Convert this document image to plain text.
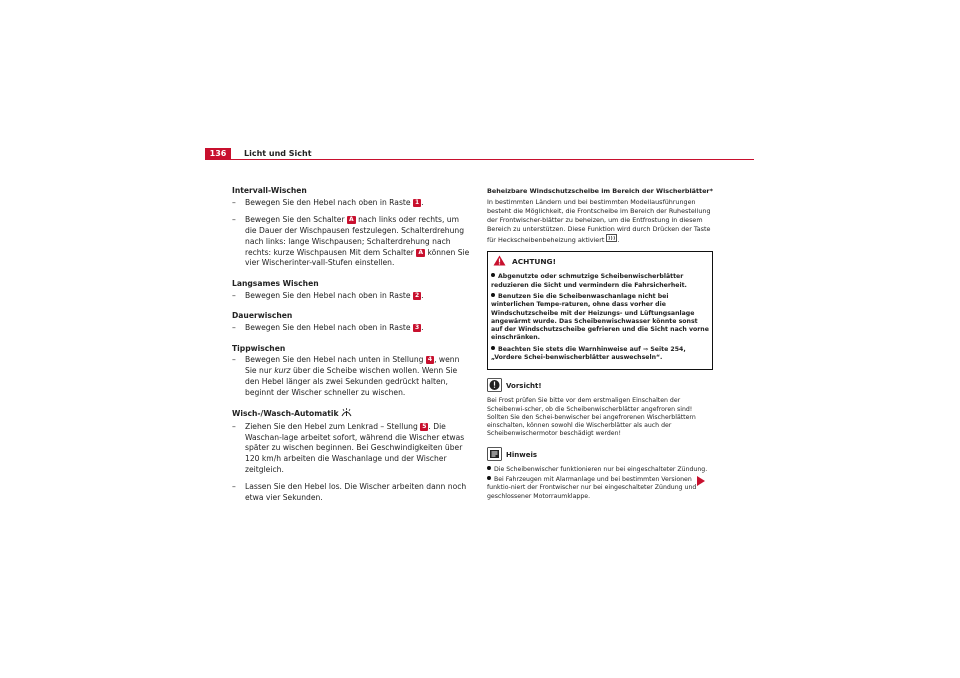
136	Licht und Sicht
Intervall-Wischen
– Bewegen Sie den Hebel nach oben in Raste 1 .
– Bewegen Sie den Schalter A nach links oder rechts, um die Dauer der Wischpausen festzulegen. Schalterdrehung nach links: lange Wischpausen; Schalterdrehung nach rechts: kurze Wischpausen Mit dem Schalter A können Sie vier Wischerinter-vall-Stufen einstellen.
Langsames Wischen
– Bewegen Sie den Hebel nach oben in Raste 2 .
Dauerwischen
– Bewegen Sie den Hebel nach oben in Raste 3 .
Tippwischen
– Bewegen Sie den Hebel nach unten in Stellung 4 , wenn Sie nur kurz über die Scheibe wischen wollen. Wenn Sie den Hebel länger als zwei Sekunden gedrückt halten, beginnt der Wischer schneller zu wischen.
Wisch-/Wasch-Automatik
– Ziehen Sie den Hebel zum Lenkrad – Stellung 5 . Die Waschan-lage arbeitet sofort, während die Wischer etwas später zu wischen beginnen. Bei Geschwindigkeiten über 120 km/h arbeiten die Waschanlage und der Wischer zeitgleich.
– Lassen Sie den Hebel los. Die Wischer arbeiten dann noch etwa vier Sekunden.
Beheizbare Windschutzscheibe im Bereich der Wischerblätter*

In bestimmten Ländern und bei bestimmten Modellausführungen besteht die Möglichkeit, die Frontscheibe im Bereich der Ruhestellung der Frontwischer-blätter zu beheizen, um die Entfrostung in diesem Bereich zu unterstützen. Diese Funktion wird durch Drücken der Taste für Heckscheibenbeheizung aktiviert .

ACHTUNG!
Abgenutzte oder schmutzige Scheibenwischerblätter reduzieren die Sicht und vermindern die Fahrsicherheit.
Benutzen Sie die Scheibenwaschanlage nicht bei winterlichen Tempe-raturen, ohne dass vorher die Windschutzscheibe mit der Heizungs- und Lüftungsanlage angewärmt wurde. Das Scheibenwischwasser könnte sonst auf der Windschutzscheibe gefrieren und die Sicht nach vorne einschränken.
Beachten Sie stets die Warnhinweise auf ⇒ Seite 254, „Vordere Schei-benwischerblätter auswechseln“.
Vorsicht!
Bei Frost prüfen Sie bitte vor dem erstmaligen Einschalten der Scheibenwi-scher, ob die Scheibenwischerblätter angefroren sind! Sollten Sie den Schei-benwischer bei angefrorenen Wischerblättern einschalten, können sowohl die Wischerblätter als auch der Scheibenwischermotor beschädigt werden!
Hinweis
Die Scheibenwischer funktionieren nur bei eingeschalteter Zündung.
Bei Fahrzeugen mit Alarmanlage und bei bestimmten Versionen funktio-niert der Frontwischer nur bei eingeschalteter Zündung und geschlossener Motorraumklappe.
